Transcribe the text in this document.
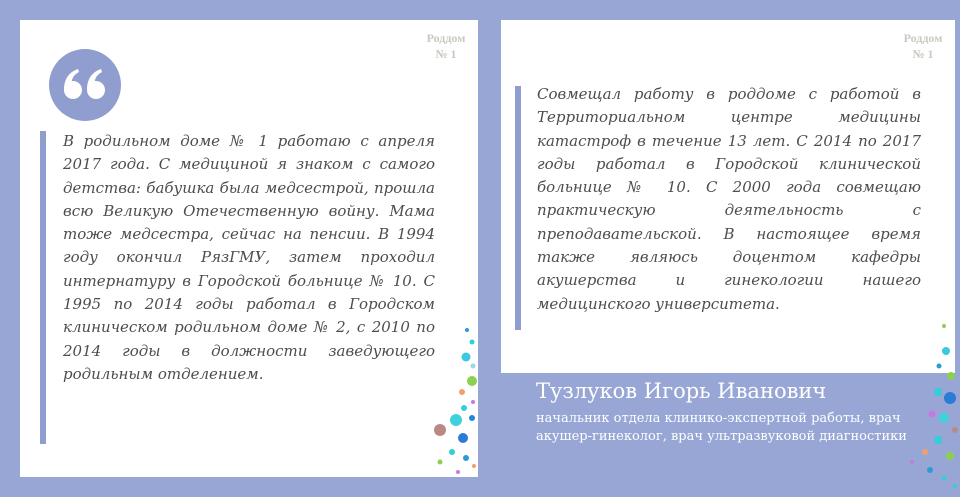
Роддом
№ 1

В родильном доме № 1 работаю с апреля 2017 года. С медициной я знаком с самого детства: бабушка была медсестрой, прошла всю Великую Отечественную войну. Мама тоже медсестра, сейчас на пенсии. В 1994 году окончил РязГМУ, затем проходил интернатуру в Городской больнице № 10. С 1995 по 2014 годы работал в Городском клиническом родильном доме № 2, с 2010 по 2014 годы в должности заведующего родильным отделением.

Роддом
№ 1

Совмещал работу в роддоме с работой в Территориальном центре медицины катастроф в течение 13 лет. С 2014 по 2017 годы работал в Городской клинической больнице № 10. С 2000 года совмещаю практическую деятельность с преподавательской. В настоящее время также являюсь доцентом кафедры акушерства и гинекологии нашего медицинского университета.

Тузлуков Игорь Иванович
начальник отдела клинико-экспертной работы, врач акушер-гинеколог, врач ультразвуковой диагностики
